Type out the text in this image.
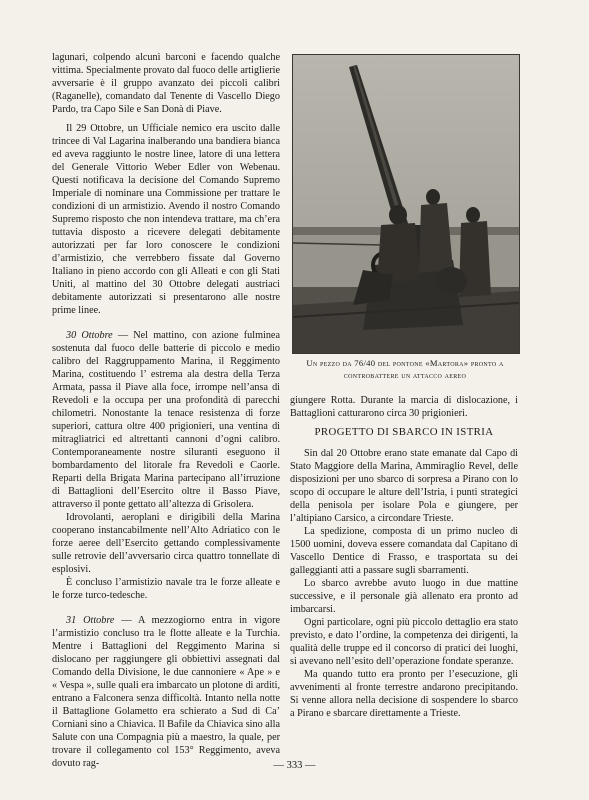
lagunari, colpendo alcuni barconi e facendo qualche vittima. Specialmente provato dal fuoco delle artiglierie avversarie è il gruppo avanzato dei piccoli calibri (Raganelle), comandato dal Tenente di Vascello Diego Pardo, tra Capo Sile e San Donà di Piave.

Il 29 Ottobre, un Ufficiale nemico era uscito dalle trincee di Val Lagarina inalberando una bandiera bianca ed aveva raggiunto le nostre linee, latore di una lettera del Generale Vittorio Weber Edler von Webenau. Questi notificava la decisione del Comando Supremo Imperiale di nominare una Commissione per trattare le condizioni di un armistizio. Avendo il nostro Comando Supremo risposto che non intendeva trattare, ma ch’era tuttavia disposto a ricevere delegati debitamente autorizzati per far loro conoscere le condizioni d’armistizio, che verrebbero fissate dal Governo Italiano in pieno accordo con gli Alleati e con gli Stati Uniti, al mattino del 30 Ottobre delegati austriaci debitamente autorizzati si presentarono alle nostre prime linee.

30 Ottobre — Nel mattino, con azione fulminea sostenuta dal fuoco delle batterie di piccolo e medio calibro del Raggruppamento Marina, il Reggimento Marina, costituendo l’ estrema ala destra della Terza Armata, passa il Piave alla foce, irrompe nell’ansa di Revedoli e la occupa per una profondità di parecchi chilometri. Nonostante la tenace resistenza di forze superiori, cattura oltre 400 prigionieri, una ventina di mitragliatrici ed altrettanti cannoni d’ogni calibro. Contemporaneamente nostre siluranti eseguono il bombardamento del litorale fra Revedoli e Caorle. Reparti della Brigata Marina partecipano all’irruzione di Battaglioni dell’Esercito oltre il Basso Piave, attraverso il ponte gettato all’altezza di Grisolera.

Idrovolanti, aeroplani e dirigibili della Marina cooperano instancabilmente nell’Alto Adriatico con le forze aeree dell’Esercito gettando complessivamente sulle retrovie dell’avversario circa quattro tonnellate di esplosivi.

È concluso l’armistizio navale tra le forze alleate e le forze turco-tedesche.

31 Ottobre — A mezzogiorno entra in vigore l’armistizio concluso tra le flotte alleate e la Turchia. Mentre i Battaglioni del Reggimento Marina si dislocano per raggiungere gli obbiettivi assegnati dal Comando della Divisione, le due cannoniere « Ape » e « Vespa », sulle quali era imbarcato un plotone di arditi, entrano a Falconera senza difficoltà. Intanto nella notte il Battaglione Golametto era schierato a Sud di Ca’ Corniani sino a Chiavica. Il Bafile da Chiavica sino alla Salute con una Compagnia più a maestro, la quale, per trovare il collegamento col 153° Reggimento, aveva dovuto rag-

Un pezzo da 76/40 del pontone «Martora» pronto a controbattere un attacco aereo

giungere Rotta. Durante la marcia di dislocazione, i Battaglioni catturarono circa 30 prigionieri.

PROGETTO DI SBARCO IN ISTRIA

Sin dal 20 Ottobre erano state emanate dal Capo di Stato Maggiore della Marina, Ammiraglio Revel, delle disposizioni per uno sbarco di sorpresa a Pirano con lo scopo di occupare le alture dell’Istria, i punti strategici della penisola per isolare Pola e giungere, per l’altipiano Carsico, a circondare Trieste.

La spedizione, composta di un primo nucleo di 1500 uomini, doveva essere comandata dal Capitano di Vascello Dentice di Frasso, e trasportata su dei galleggianti atti a passare sugli sbarramenti.

Lo sbarco avrebbe avuto luogo in due mattine successive, e il personale già allenato era pronto ad imbarcarsi.

Ogni particolare, ogni più piccolo dettaglio era stato previsto, e dato l’ordine, la competenza dei dirigenti, la qualità delle truppe ed il concorso di pratici dei luoghi, si avevano nell’esito dell’operazione fondate speranze.

Ma quando tutto era pronto per l’esecuzione, gli avvenimenti al fronte terrestre andarono precipitando. Si venne allora nella decisione di sospendere lo sbarco a Pirano e sbarcare direttamente a Trieste.

— 333 —
